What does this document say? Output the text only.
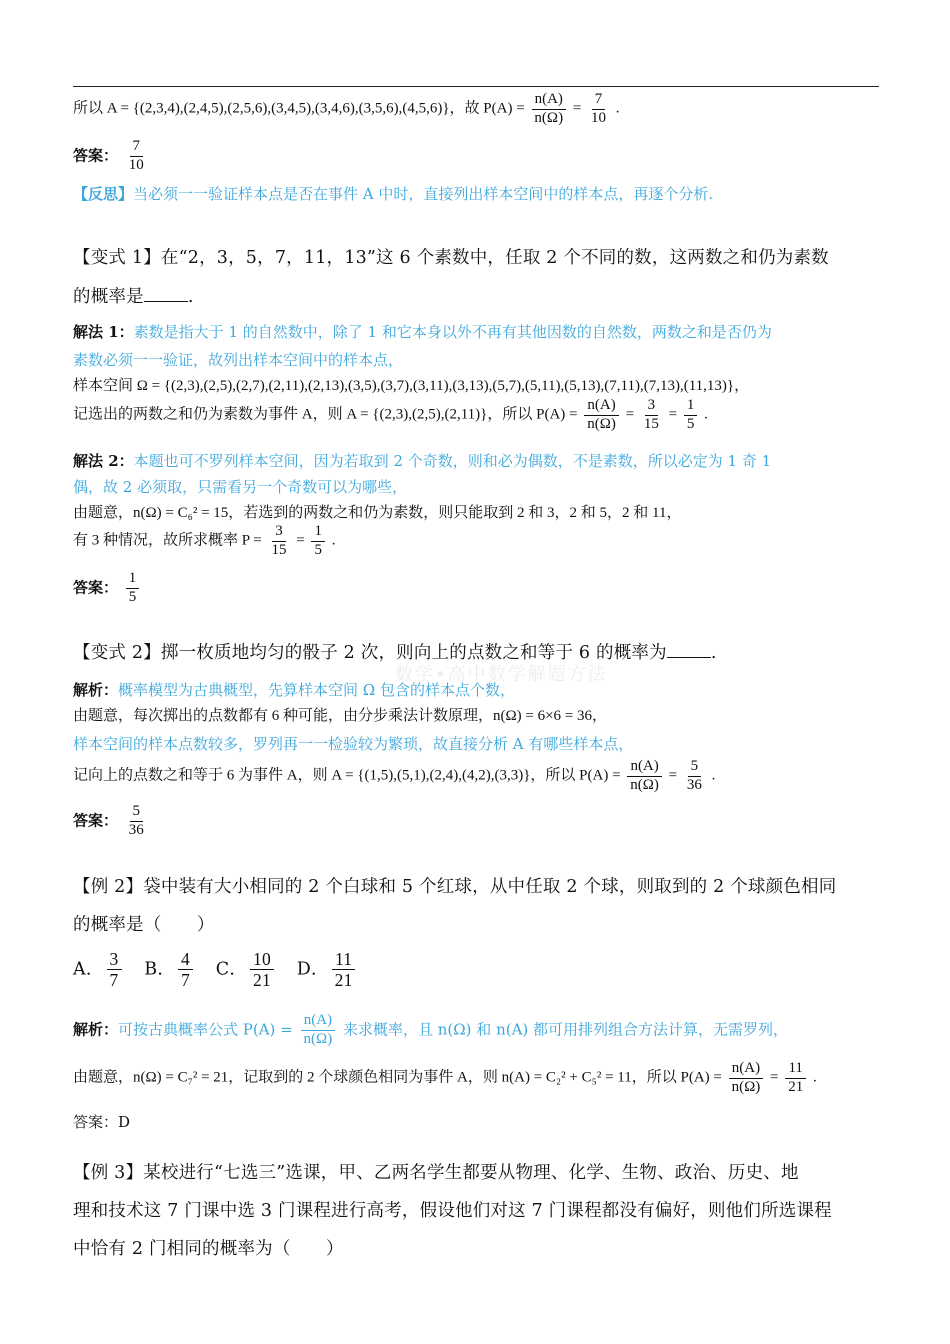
数学•高中数学解题方法
所以 A = {(2,3,4),(2,4,5),(2,5,6),(3,4,5),(3,4,6),(3,5,6),(4,5,6)}，故 $P(A) = \frac{n(A)}{n(\Omega)} = \frac{7}{10}$ .
答案： $\frac{7}{10}$
【反思】当必须一一验证样本点是否在事件 A 中时，直接列出样本空间中的样本点，再逐个分析.
【变式 1】在“2，3，5，7，11，13”这 6 个素数中，任取 2 个不同的数，这两数之和仍为素数
的概率是	.
解法 1：素数是指大于 1 的自然数中，除了 1 和它本身以外不再有其他因数的自然数，两数之和是否仍为
素数必须一一验证，故列出样本空间中的样本点，
样本空间 Ω = {(2,3),(2,5),(2,7),(2,11),(2,13),(3,5),(3,7),(3,11),(3,13),(5,7),(5,11),(5,13),(7,11),(7,13),(11,13)}，
记选出的两数之和仍为素数为事件 A，则 A = {(2,3),(2,5),(2,11)}，所以 $P(A) = \frac{n(A)}{n(\Omega)} = \frac{3}{15} = \frac{1}{5}$ .
解法 2：本题也可不罗列样本空间，因为若取到 2 个奇数，则和必为偶数，不是素数，所以必定为 1 奇 1
偶，故 2 必须取，只需看另一个奇数可以为哪些，
由题意，n(Ω) = C₆² = 15，若选到的两数之和仍为素数，则只能取到 2 和 3，2 和 5，2 和 11，
有 3 种情况，故所求概率 $P = \frac{3}{15} = \frac{1}{5}$ .
答案： $\frac{1}{5}$
【变式 2】掷一枚质地均匀的骰子 2 次，则向上的点数之和等于 6 的概率为	.
解析：概率模型为古典概型，先算样本空间 Ω 包含的样本点个数，
由题意，每次掷出的点数都有 6 种可能，由分步乘法计数原理，n(Ω) = 6×6 = 36，
样本空间的样本点数较多，罗列再一一检验较为繁琐，故直接分析 A 有哪些样本点，
记向上的点数之和等于 6 为事件 A，则 A = {(1,5),(5,1),(2,4),(4,2),(3,3)}，所以 $P(A) = \frac{n(A)}{n(\Omega)} = \frac{5}{36}$ .
答案： $\frac{5}{36}$
【例 2】袋中装有大小相同的 2 个白球和 5 个红球，从中任取 2 个球，则取到的 2 个球颜色相同
的概率是（　　）
A． $\frac{3}{7}$ B． $\frac{4}{7}$ C． $\frac{10}{21}$ D． $\frac{11}{21}$
解析：可按古典概率公式 $P(A) = \frac{n(A)}{n(\Omega)}$ 来求概率，且 n(Ω) 和 n(A) 都可用排列组合方法计算，无需罗列，
由题意，n(Ω) = C₇² = 21，记取到的 2 个球颜色相同为事件 A，则 n(A) = C₂² + C₅² = 11，所以 $P(A) = \frac{n(A)}{n(\Omega)} = \frac{11}{21}$ .
答案：D
【例 3】某校进行“七选三”选课，甲、乙两名学生都要从物理、化学、生物、政治、历史、地
理和技术这 7 门课中选 3 门课程进行高考，假设他们对这 7 门课程都没有偏好，则他们所选课程
中恰有 2 门相同的概率为（　　）
